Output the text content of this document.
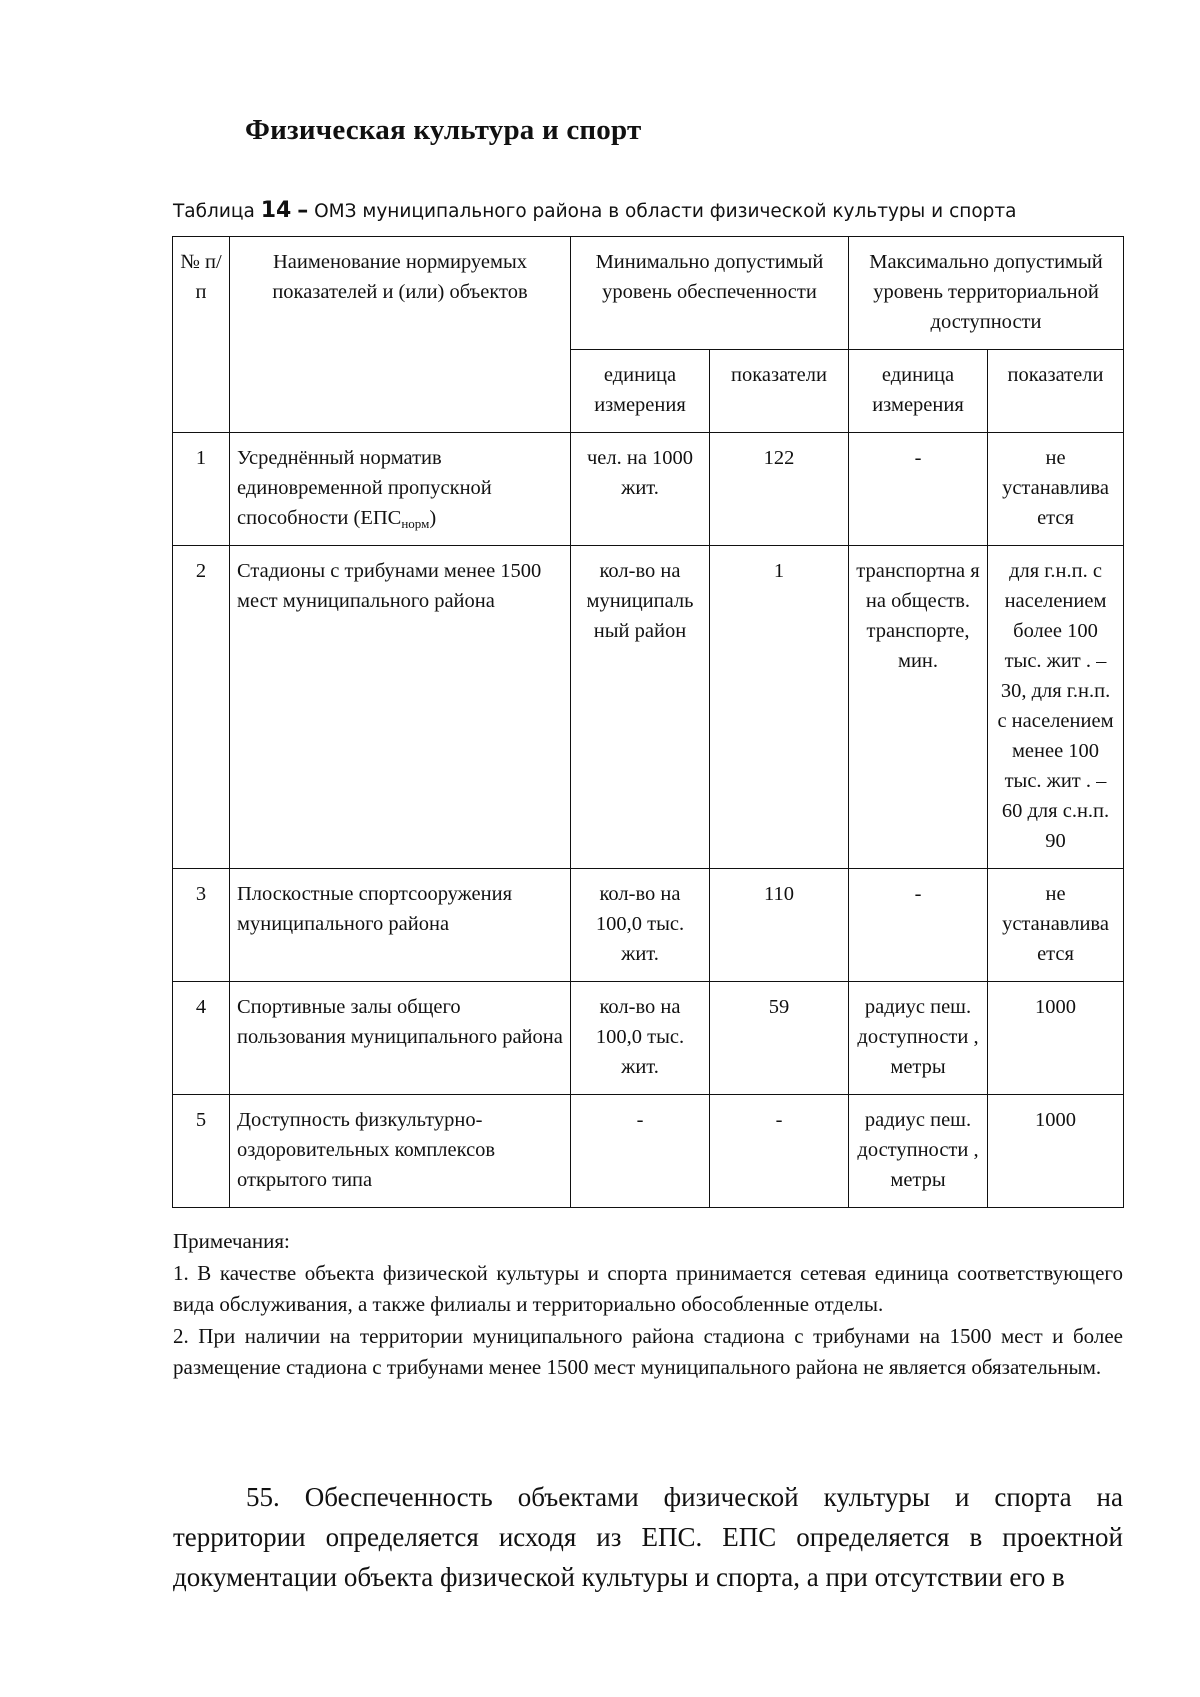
Физическая культура и спорт
Таблица 14 – ОМЗ муниципального района в области физической культуры и спорта
№ п/п	Наименование нормируемых показателей и (или) объектов	Минимально допустимый уровень обеспеченности		Максимально допустимый уровень территориальной доступности	
		единица измерения	показатели	единица измерения	показатели
1	Усреднённый норматив единовременной пропускной способности $(ЕПС_{норм})$	чел. на 1000 жит.	122	-	не устанавлива ется
2	Стадионы с трибунами менее 1500 мест муниципального района	кол-во на муниципаль ный район	1	транспортна я на обществ. транспорте, мин.	для г.н.п. с населением более 100 тыс. жит . – 30, для г.н.п. с населением менее 100 тыс. жит . – 60 для с.н.п. 90
3	Плоскостные спортсооружения муниципального района	кол-во на 100,0 тыс. жит.	110	-	не устанавлива ется
4	Спортивные залы общего пользования муниципального района	кол-во на 100,0 тыс. жит.	59	радиус пеш. доступности , метры	1000
5	Доступность физкультурно-оздоровительных комплексов открытого типа	-	-	радиус пеш. доступности , метры	1000

Примечания:

1. В качестве объекта физической культуры и спорта принимается сетевая единица соответствующего вида обслуживания, а также филиалы и территориально обособленные отделы.

2. При наличии на территории муниципального района стадиона с трибунами на 1500 мест и более размещение стадиона с трибунами менее 1500 мест муниципального района не является обязательным.

55. Обеспеченность объектами физической культуры и спорта на территории определяется исходя из ЕПС. ЕПС определяется в проектной документации объекта физической культуры и спорта, а при отсутствии его в
